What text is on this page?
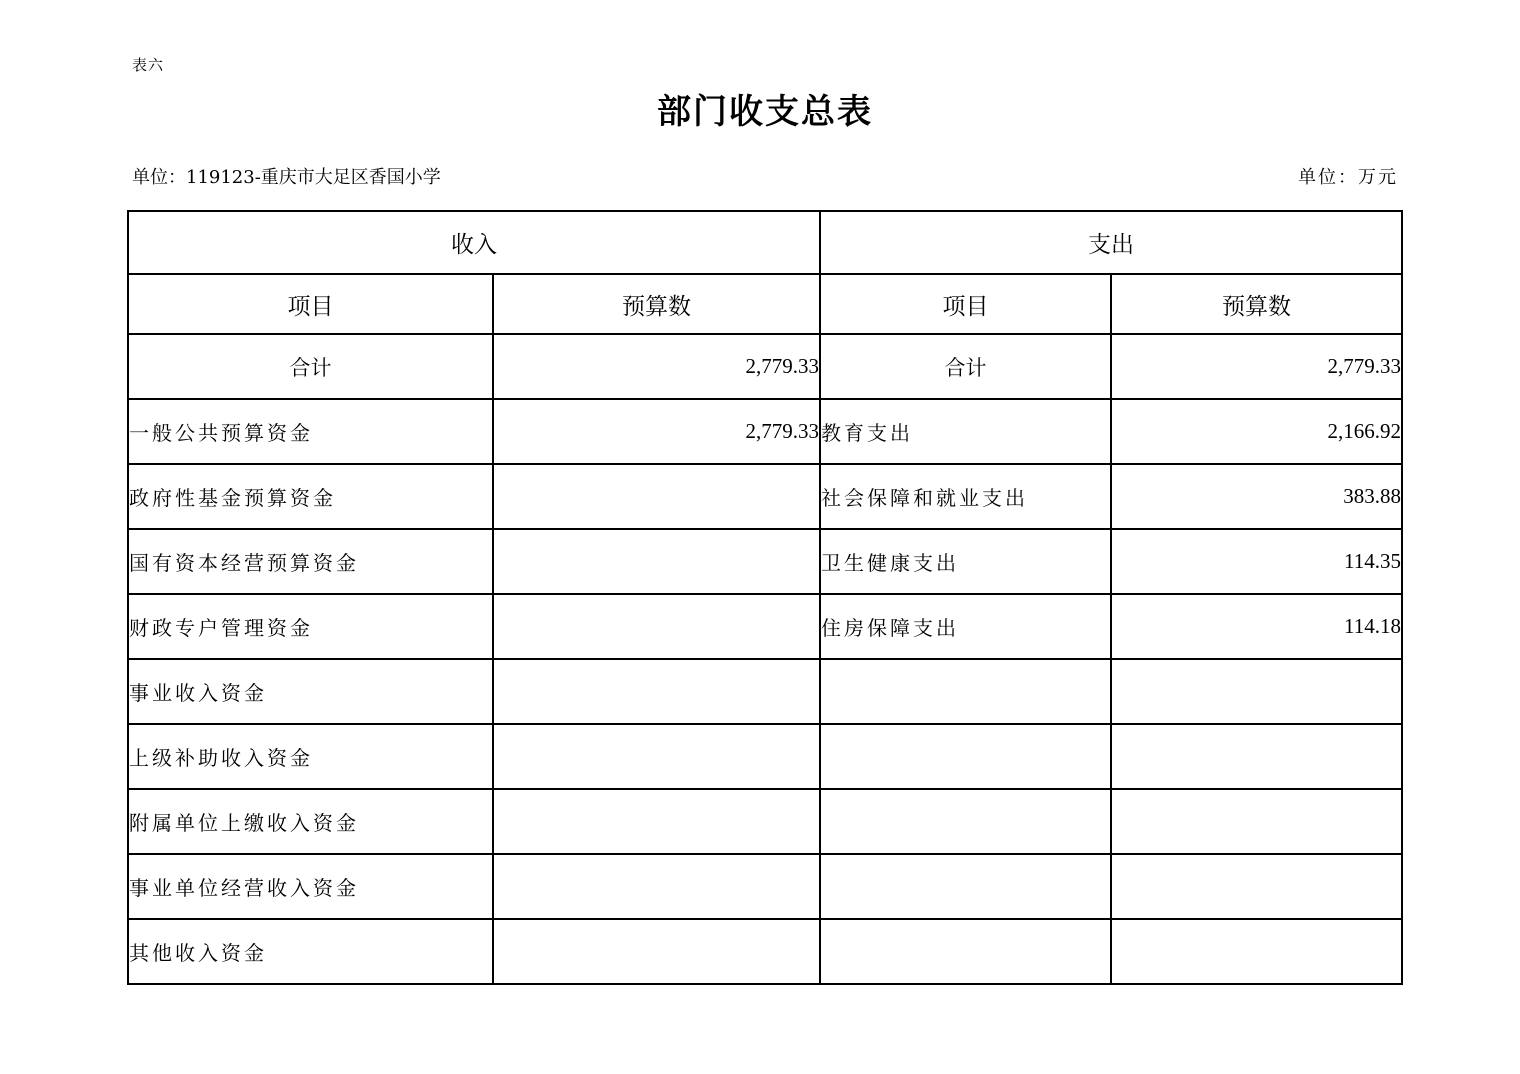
表六
部门收支总表
单位：119123-重庆市大足区香国小学	单位：万元
收入		支出	
项目	预算数	项目	预算数
合计	2,779.33	合计	2,779.33
一般公共预算资金	2,779.33	教育支出	2,166.92
政府性基金预算资金		社会保障和就业支出	383.88
国有资本经营预算资金		卫生健康支出	114.35
财政专户管理资金		住房保障支出	114.18
事业收入资金			
上级补助收入资金			
附属单位上缴收入资金			
事业单位经营收入资金			
其他收入资金			
